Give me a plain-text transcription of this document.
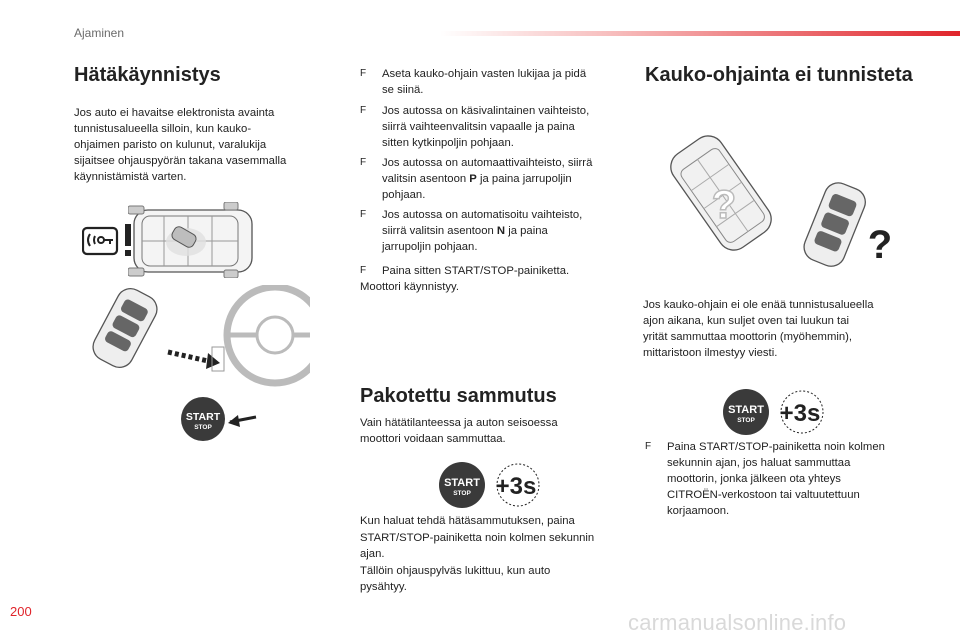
Ajaminen
Hätäkäynnistys
Jos auto ei havaitse elektronista avainta
tunnistusalueella silloin, kun kauko-
ohjaimen paristo on kulunut, varalukija
sijaitsee ohjauspyörän takana vasemmalla
käynnistämistä varten.
START
STOP
F	Aseta kauko-ohjain vasten lukijaa ja pidä
se siinä.
F	Jos autossa on käsivalintainen vaihteisto,
siirrä vaihteenvalitsin vapaalle ja paina
sitten kytkinpoljin pohjaan.
F	Jos autossa on automaattivaihteisto, siirrä
valitsin asentoon P ja paina jarrupoljin
pohjaan.
F	Jos autossa on automatisoitu vaihteisto,
siirrä valitsin asentoon N ja paina
jarrupoljin pohjaan.
F	Paina sitten START/STOP-painiketta.
Moottori käynnistyy.
Pakotettu sammutus
Vain hätätilanteessa ja auton seisoessa
moottori voidaan sammuttaa.
START
STOP +3s
Kun haluat tehdä hätäsammutuksen, paina
START/STOP-painiketta noin kolmen sekunnin
ajan.
Tällöin ohjauspylväs lukittuu, kun auto
pysähtyy.
Kauko-ohjainta ei tunnisteta
?
?
Jos kauko-ohjain ei ole enää tunnistusalueella
ajon aikana, kun suljet oven tai luukun tai
yrität sammuttaa moottorin (myöhemmin),
mittaristoon ilmestyy viesti.
START
STOP +3s
F	Paina START/STOP-painiketta noin kolmen
sekunnin ajan, jos haluat sammuttaa
moottorin, jonka jälkeen ota yhteys
CITROËN-verkostoon tai valtuutettuun
korjaamoon.
200	carmanualsonline.info
